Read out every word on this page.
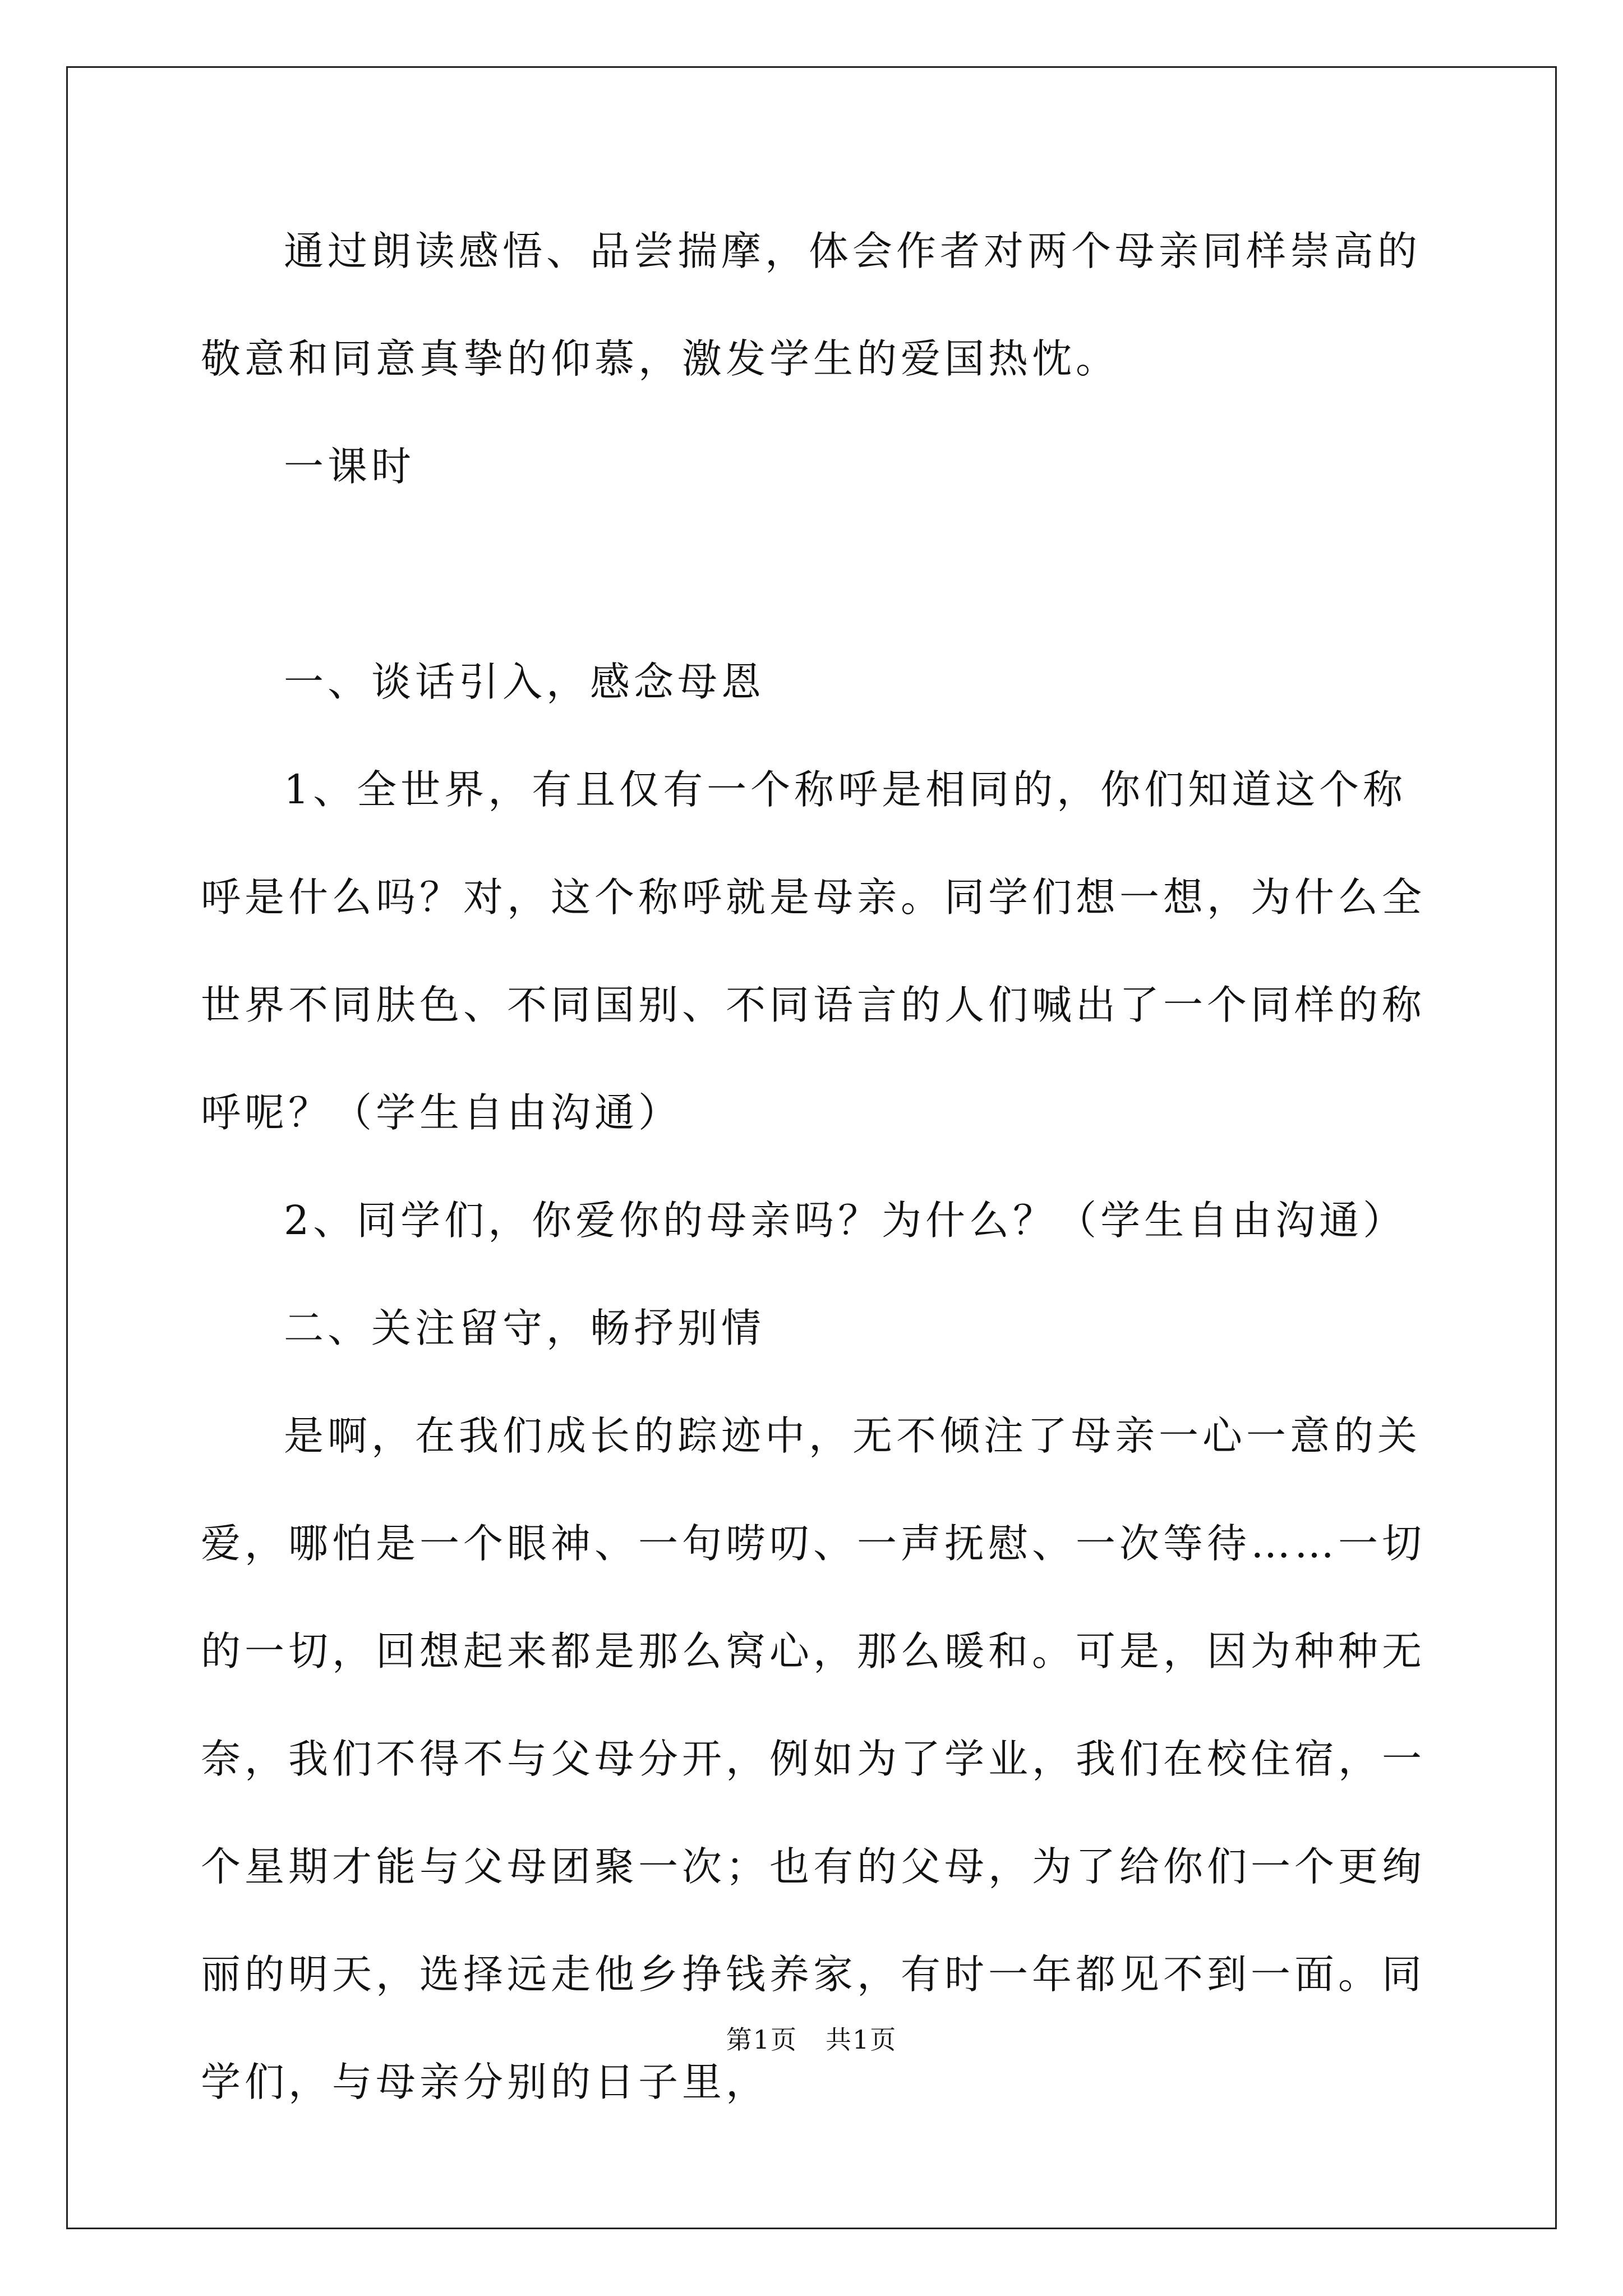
通过朗读感悟、品尝揣摩，体会作者对两个母亲同样崇高的敬意和同意真挚的仰慕，激发学生的爱国热忱。

一课时

一、谈话引入，感念母恩

1、全世界，有且仅有一个称呼是相同的，你们知道这个称呼是什么吗？对，这个称呼就是母亲。同学们想一想，为什么全世界不同肤色、不同国别、不同语言的人们喊出了一个同样的称呼呢？（学生自由沟通）

2、同学们，你爱你的母亲吗？为什么？（学生自由沟通）

二、关注留守，畅抒别情

是啊，在我们成长的踪迹中，无不倾注了母亲一心一意的关爱，哪怕是一个眼神、一句唠叨、一声抚慰、一次等待……一切的一切，回想起来都是那么窝心，那么暖和。可是，因为种种无奈，我们不得不与父母分开，例如为了学业，我们在校住宿，一个星期才能与父母团聚一次；也有的父母，为了给你们一个更绚丽的明天，选择远走他乡挣钱养家，有时一年都见不到一面。同学们，与母亲分别的日子里，

第1页 共1页
